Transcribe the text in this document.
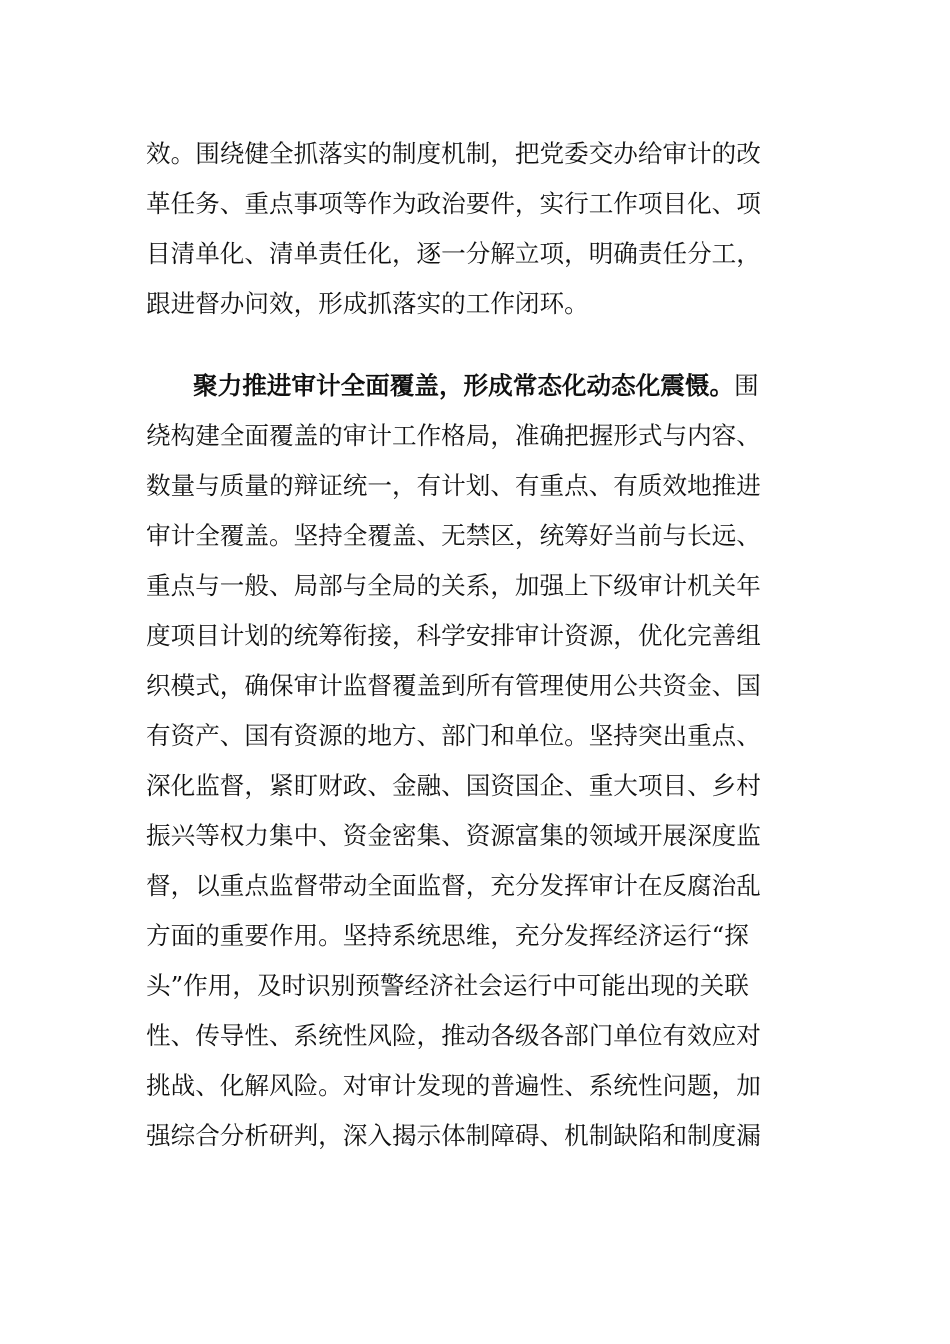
效。围绕健全抓落实的制度机制，把党委交办给审计的改
革任务、重点事项等作为政治要件，实行工作项目化、项
目清单化、清单责任化，逐一分解立项，明确责任分工，
跟进督办问效，形成抓落实的工作闭环。
聚力推进审计全面覆盖，形成常态化动态化震慑。围
绕构建全面覆盖的审计工作格局，准确把握形式与内容、
数量与质量的辩证统一，有计划、有重点、有质效地推进
审计全覆盖。坚持全覆盖、无禁区，统筹好当前与长远、
重点与一般、局部与全局的关系，加强上下级审计机关年
度项目计划的统筹衔接，科学安排审计资源，优化完善组
织模式，确保审计监督覆盖到所有管理使用公共资金、国
有资产、国有资源的地方、部门和单位。坚持突出重点、
深化监督，紧盯财政、金融、国资国企、重大项目、乡村
振兴等权力集中、资金密集、资源富集的领域开展深度监
督，以重点监督带动全面监督，充分发挥审计在反腐治乱
方面的重要作用。坚持系统思维，充分发挥经济运行“探
头”作用，及时识别预警经济社会运行中可能出现的关联
性、传导性、系统性风险，推动各级各部门单位有效应对
挑战、化解风险。对审计发现的普遍性、系统性问题，加
强综合分析研判，深入揭示体制障碍、机制缺陷和制度漏
